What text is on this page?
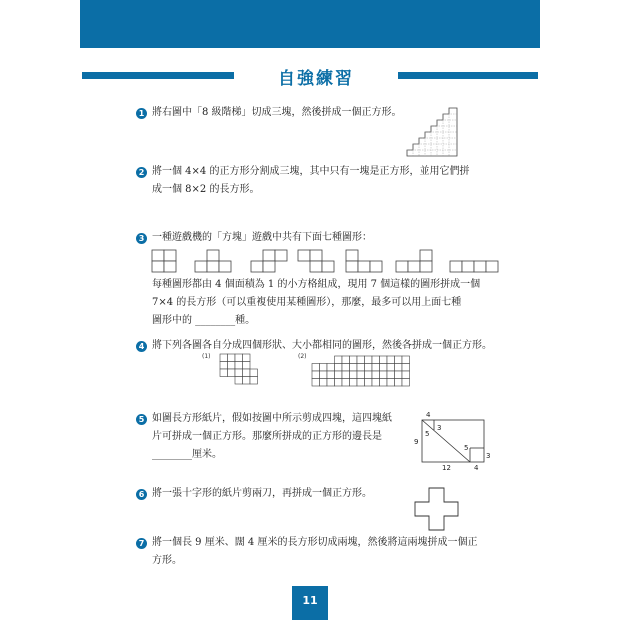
自強練習
1 將右圖中「8 級階梯」切成三塊，然後拼成一個正方形。
2 將一個 4×4 的正方形分割成三塊，其中只有一塊是正方形，並用它們拼
成一個 8×2 的長方形。
3 一種遊戲機的「方塊」遊戲中共有下面七種圖形：
每種圖形都由 4 個面積為 1 的小方格組成，現用 7 個這樣的圖形拼成一個
7×4 的長方形（可以重複使用某種圖形），那麼，最多可以用上面七種
圖形中的 ________種。
4 將下列各圖各自分成四個形狀、大小都相同的圖形，然後各拼成一個正方形。
(1)	(2)
5 如圖長方形紙片，假如按圖中所示剪成四塊，這四塊紙
片可拼成一個正方形。那麼所拼成的正方形的邊長是
________厘米。
4
3
5
9
5
12	4
3
6 將一張十字形的紙片剪兩刀，再拼成一個正方形。
7 將一個長 9 厘米、闊 4 厘米的長方形切成兩塊，然後將這兩塊拼成一個正
方形。
11
